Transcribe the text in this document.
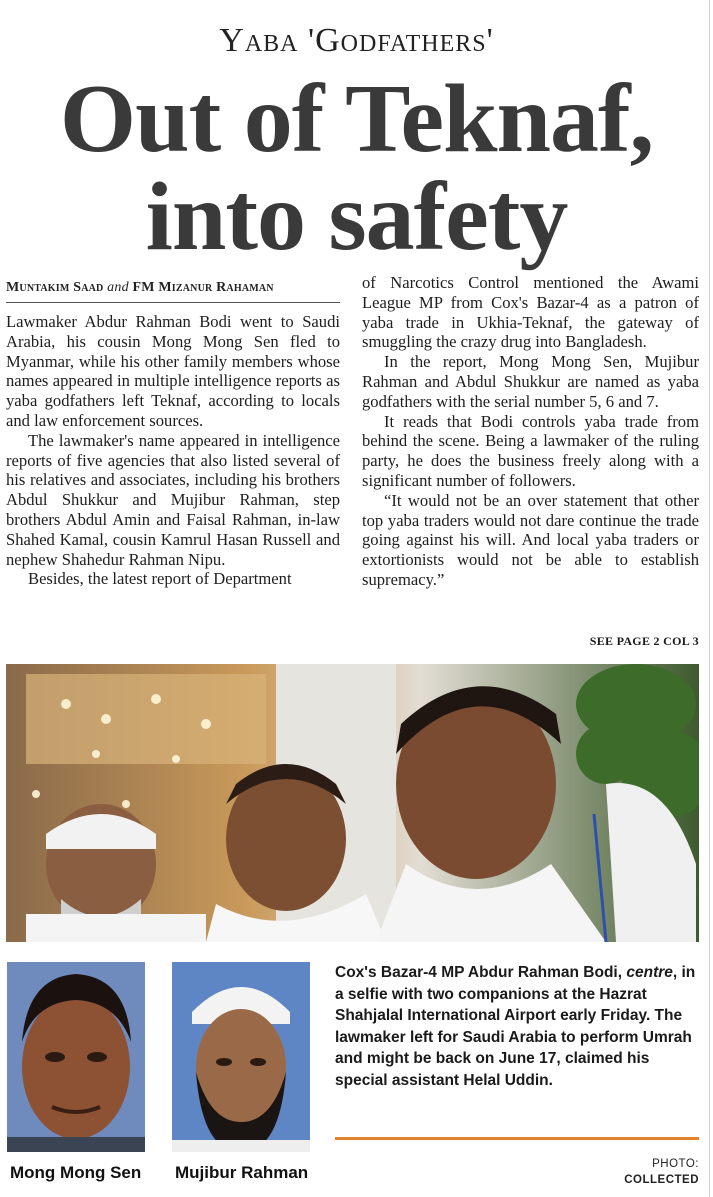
Yaba 'Godfathers'
Out of Teknaf,
into safety
Muntakim Saad and FM Mizanur Rahaman

Lawmaker Abdur Rahman Bodi went to Saudi Arabia, his cousin Mong Mong Sen fled to Myanmar, while his other family members whose names appeared in multiple intelligence reports as yaba godfathers left Teknaf, according to locals and law enforcement sources.

The lawmaker's name appeared in intelligence reports of five agencies that also listed several of his relatives and associates, including his brothers Abdul Shukkur and Mujibur Rahman, step brothers Abdul Amin and Faisal Rahman, in-law Shahed Kamal, cousin Kamrul Hasan Russell and nephew Shahedur Rahman Nipu.

Besides, the latest report of Department

of Narcotics Control mentioned the Awami League MP from Cox's Bazar-4 as a patron of yaba trade in Ukhia-Teknaf, the gateway of smuggling the crazy drug into Bangladesh.

In the report, Mong Mong Sen, Mujibur Rahman and Abdul Shukkur are named as yaba godfathers with the serial number 5, 6 and 7.

It reads that Bodi controls yaba trade from behind the scene. Being a lawmaker of the ruling party, he does the business freely along with a significant number of followers.

“It would not be an over statement that other top yaba traders would not dare continue the trade going against his will. And local yaba traders or extortionists would not be able to establish supremacy.”

SEE PAGE 2 COL 3
Mong Mong Sen Mujibur Rahman
Cox's Bazar-4 MP Abdur Rahman Bodi, centre, in a selfie with two companions at the Hazrat Shahjalal International Airport early Friday. The lawmaker left for Saudi Arabia to perform Umrah and might be back on June 17, claimed his special assistant Helal Uddin.
PHOTO:
COLLECTED
